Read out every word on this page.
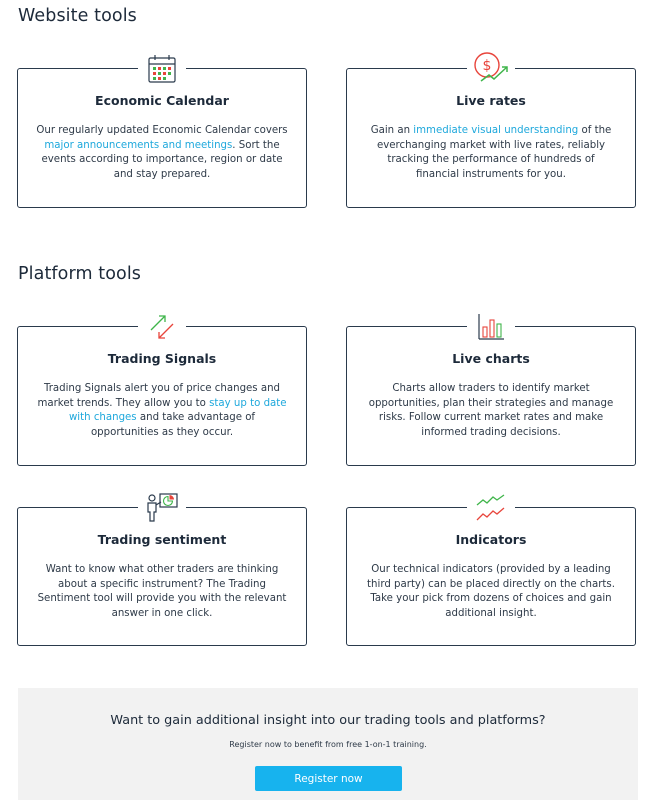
Website tools
Economic Calendar

Our regularly updated Economic Calendar covers major announcements and meetings. Sort the events according to importance, region or date and stay prepared.

$
Live rates

Gain an immediate visual understanding of the everchanging market with live rates, reliably tracking the performance of hundreds of financial instruments for you.

Platform tools
Trading Signals

Trading Signals alert you of price changes and market trends. They allow you to stay up to date with changes and take advantage of opportunities as they occur.

Live charts

Charts allow traders to identify market opportunities, plan their strategies and manage risks. Follow current market rates and make informed trading decisions.

Trading sentiment

Want to know what other traders are thinking about a specific instrument? The Trading Sentiment tool will provide you with the relevant answer in one click.

Indicators

Our technical indicators (provided by a leading third party) can be placed directly on the charts. Take your pick from dozens of choices and gain additional insight.

Want to gain additional insight into our trading tools and platforms?
Register now to benefit from free 1-on-1 training.
Register now
